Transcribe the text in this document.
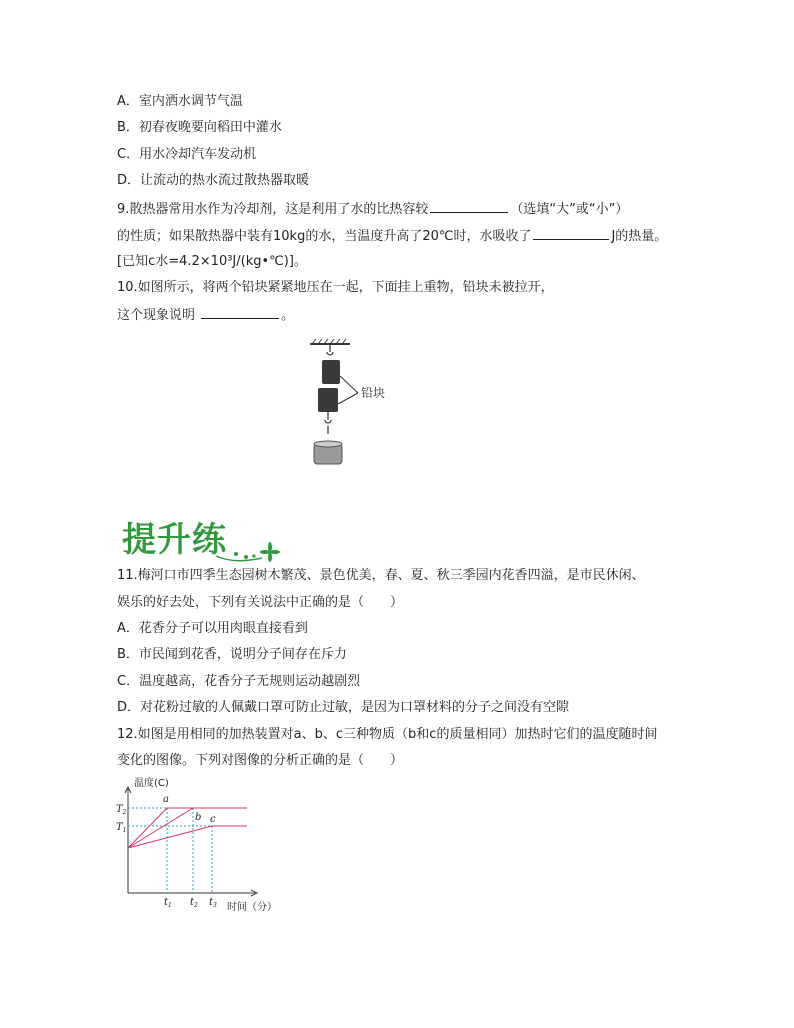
A．室内洒水调节气温
B．初春夜晚要向稻田中灌水
C．用水冷却汽车发动机
D．让流动的热水流过散热器取暖
9.散热器常用水作为冷却剂，这是利用了水的比热容较	（选填“大”或“小”）
的性质；如果散热器中装有10kg的水，当温度升高了20℃时，水吸收了	J的热量。
[已知c水=4.2×10³J/(kg•℃)]。
10.如图所示，将两个铅块紧紧地压在一起，下面挂上重物，铅块未被拉开，
这个现象说明	。
铅块
提升练
11.梅河口市四季生态园树木繁茂、景色优美，春、夏、秋三季园内花香四溢，是市民休闲、
娱乐的好去处，下列有关说法中正确的是（　　）
A．花香分子可以用肉眼直接看到
B．市民闻到花香，说明分子间存在斥力
C．温度越高，花香分子无规则运动越剧烈
D．对花粉过敏的人佩戴口罩可防止过敏，是因为口罩材料的分子之间没有空隙
12.如图是用相同的加热装置对a、b、c三种物质（b和c的质量相同）加热时它们的温度随时间
变化的图像。下列对图像的分析正确的是（　　）
a
b c
$T_2$
$T_1$
$t_1$ $t_2$ $t_3$
温度(C)
时间（分）
